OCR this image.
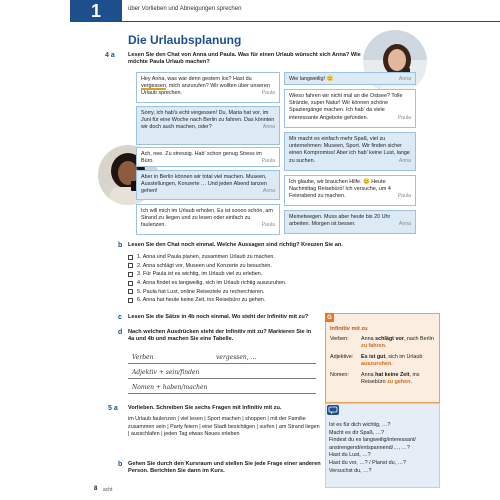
1	über Vorlieben und Abneigungen sprechen
Die Urlaubsplanung
4 a Lesen Sie den Chat von Anna und Paula. Was für einen Urlaub wünscht sich Anna? Wie möchte Paula Urlaub machen?
Hey Anna, was war denn gestern los? Hast du vergessen, mich anzurufen? Wir wollten über unseren Urlaub sprechen.	Paula
Sorry, ich hab's echt vergessen! Du, Maria hat vor, im Juni für eine Woche nach Berlin zu fahren. Das könnten wir doch auch machen, oder?	Anna
Ach, nee. Zu stressig. Hab' schon genug Stress im Büro.	Paula
Aber in Berlin können wir total viel machen. Museen, Ausstellungen, Konzerte … Und jeden Abend tanzen gehen!	Anna
Ich will mich im Urlaub erholen. Es ist soooo schön, am Strand zu liegen und zu lesen oder einfach zu faulenzen.	Paula
Wie langweilig! 😊	Anna
Wieso fahren wir nicht mal an die Ostsee? Tolle Strände, super Natur! Wir können schöne Spaziergänge machen. Ich hab' da viele interessante Angebote gefunden.	Paula
Mir macht es einfach mehr Spaß, viel zu unternehmen: Museen, Sport. Wir finden sicher einen Kompromiss! Aber ich hab' keine Lust, lange zu suchen.	Anna
Ich glaube, wir brauchen Hilfe. 😊 Heute Nachmittag Reisebüro! Ich versuche, um 4 Feierabend zu machen.	Paula
Meinetwegen. Muss aber heute bis 20 Uhr arbeiten. Morgen ist besser.	Anna
b Lesen Sie den Chat noch einmal. Welche Aussagen sind richtig? Kreuzen Sie an.
1. Anna und Paula planen, zusammen Urlaub zu machen.
2. Anna schlägt vor, Museen und Konzerte zu besuchen.
3. Für Paula ist es wichtig, im Urlaub viel zu erleben.
4. Anna findet es langweilig, sich im Urlaub richtig auszuruhen.
5. Paula hat Lust, online Reiseziele zu recherchieren.
6. Anna hat heute keine Zeit, ins Reisebüro zu gehen.
c Lesen Sie die Sätze in 4b noch einmal. Wo steht der Infinitiv mit zu?
d Nach welchen Ausdrücken steht der Infinitiv mit zu? Markieren Sie in 4a und 4b und machen Sie eine Tabelle.
Verben	vergessen, …
Adjektiv + sein/finden
Nomen + haben/machen
G
Infinitiv mit zu
Verben: Anna schlägt vor, nach Berlin zu fahren.
Adjektive: Es ist gut, sich im Urlaub auszuruhen.
Nomen: Anna hat keine Zeit, ins Reisebüro zu gehen.
5 a Vorlieben. Schreiben Sie sechs Fragen mit Infinitiv mit zu.
im Urlaub faulenzen | viel lesen | Sport machen | shoppen | mit der Familie zusammen sein | Party feiern | eine Stadt besichtigen | surfen | am Strand liegen | ausschlafen | jeden Tag etwas Neues erleben
b Gehen Sie durch den Kursraum und stellen Sie jede Frage einer anderen Person. Berichten Sie dann im Kurs.
Ist es für dich wichtig, …?
Macht es dir Spaß, …?
Findest du es langweilig/interessant/
anstrengend/entspannend/…, …?
Hast du Lust, …?
Hast du vor, …? / Planst du, …?
Versuchst du, …?
8 acht
